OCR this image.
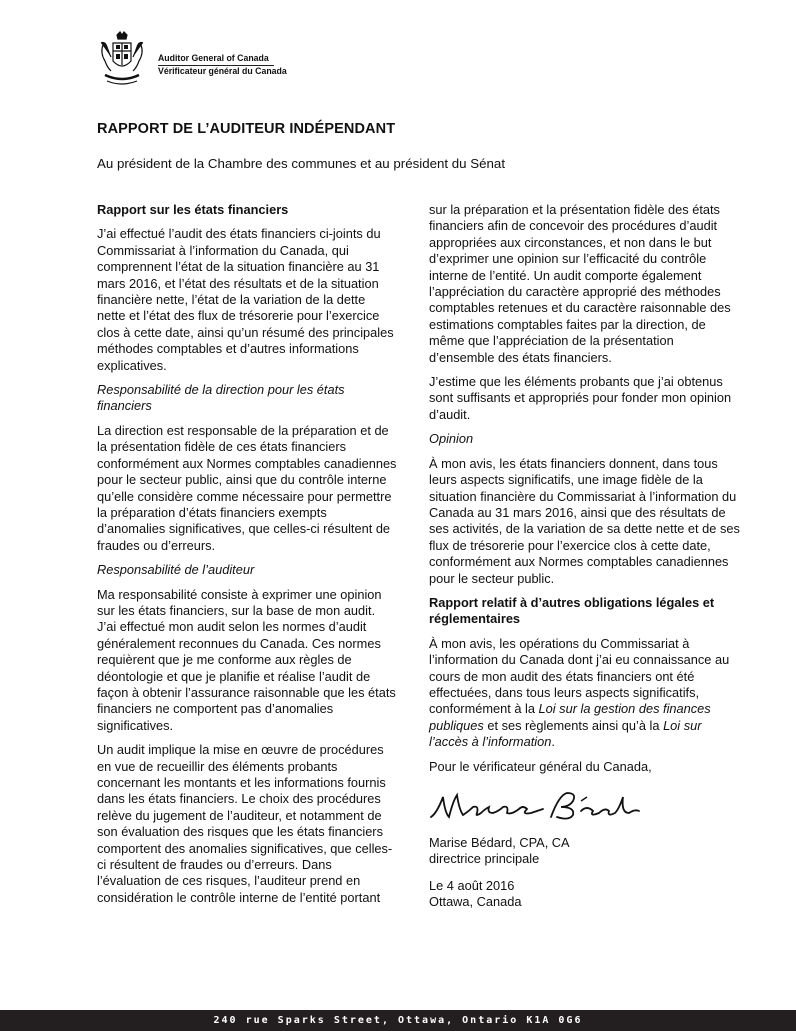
Auditor General of Canada
Vérificateur général du Canada
RAPPORT DE L’AUDITEUR INDÉPENDANT
Au président de la Chambre des communes et au président du Sénat

Rapport sur les états financiers

J’ai effectué l’audit des états financiers ci-joints du Commissariat à l’information du Canada, qui comprennent l’état de la situation financière au 31 mars 2016, et l’état des résultats et de la situation financière nette, l’état de la variation de la dette nette et l’état des flux de trésorerie pour l’exercice clos à cette date, ainsi qu’un résumé des principales méthodes comptables et d’autres informations explicatives.

Responsabilité de la direction pour les états financiers

La direction est responsable de la préparation et de la présentation fidèle de ces états financiers conformément aux Normes comptables canadiennes pour le secteur public, ainsi que du contrôle interne qu’elle considère comme nécessaire pour permettre la préparation d’états financiers exempts d’anomalies significatives, que celles-ci résultent de fraudes ou d’erreurs.

Responsabilité de l’auditeur

Ma responsabilité consiste à exprimer une opinion sur les états financiers, sur la base de mon audit. J’ai effectué mon audit selon les normes d’audit généralement reconnues du Canada. Ces normes requièrent que je me conforme aux règles de déontologie et que je planifie et réalise l’audit de façon à obtenir l’assurance raisonnable que les états financiers ne comportent pas d’anomalies significatives.

Un audit implique la mise en œuvre de procédures en vue de recueillir des éléments probants concernant les montants et les informations fournis dans les états financiers. Le choix des procédures relève du jugement de l’auditeur, et notamment de son évaluation des risques que les états financiers comportent des anomalies significatives, que celles-ci résultent de fraudes ou d’erreurs. Dans l’évaluation de ces risques, l’auditeur prend en considération le contrôle interne de l’entité portant

sur la préparation et la présentation fidèle des états financiers afin de concevoir des procédures d’audit appropriées aux circonstances, et non dans le but d’exprimer une opinion sur l’efficacité du contrôle interne de l’entité. Un audit comporte également l’appréciation du caractère approprié des méthodes comptables retenues et du caractère raisonnable des estimations comptables faites par la direction, de même que l’appréciation de la présentation d’ensemble des états financiers.

J’estime que les éléments probants que j’ai obtenus sont suffisants et appropriés pour fonder mon opinion d’audit.

Opinion

À mon avis, les états financiers donnent, dans tous leurs aspects significatifs, une image fidèle de la situation financière du Commissariat à l’information du Canada au 31 mars 2016, ainsi que des résultats de ses activités, de la variation de sa dette nette et de ses flux de trésorerie pour l’exercice clos à cette date, conformément aux Normes comptables canadiennes pour le secteur public.

Rapport relatif à d’autres obligations légales et réglementaires

À mon avis, les opérations du Commissariat à l’information du Canada dont j’ai eu connaissance au cours de mon audit des états financiers ont été effectuées, dans tous leurs aspects significatifs, conformément à la Loi sur la gestion des finances publiques et ses règlements ainsi qu’à la Loi sur l’accès à l’information.

Pour le vérificateur général du Canada,

Marise Bédard, CPA, CA
directrice principale

Le 4 août 2016
Ottawa, Canada

240 rue Sparks Street, Ottawa, Ontario K1A 0G6
